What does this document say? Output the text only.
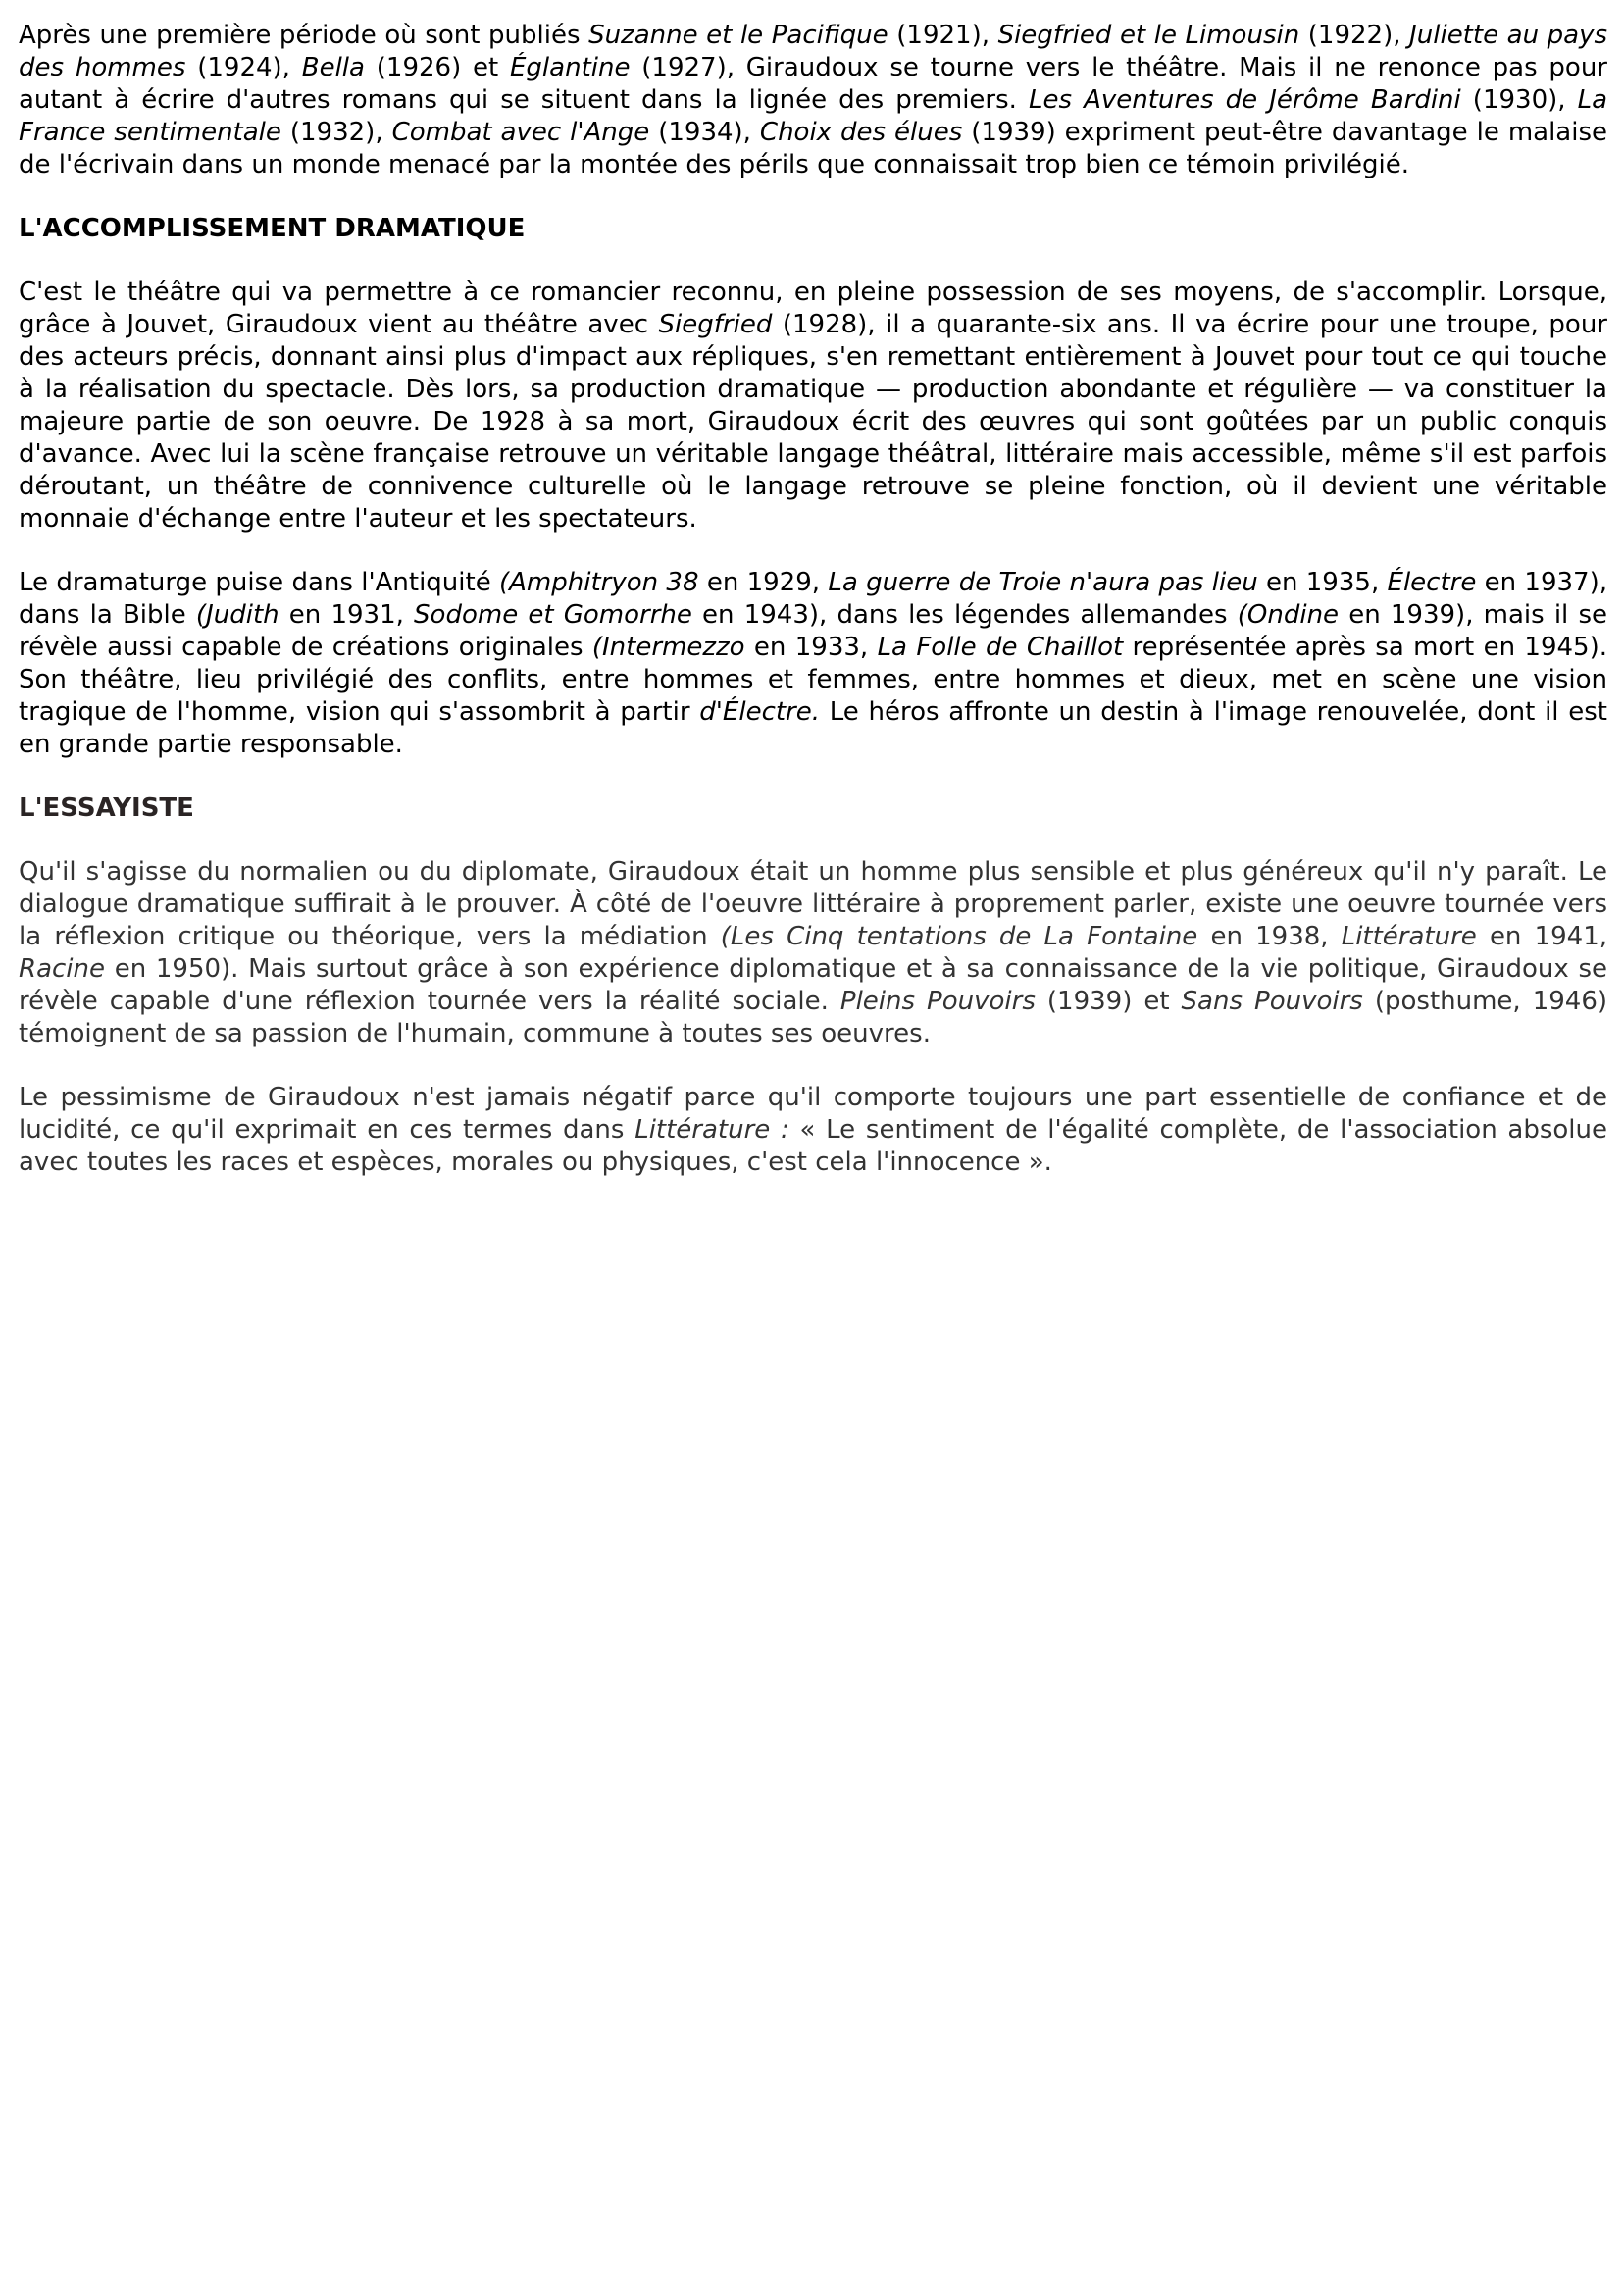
Après une première période où sont publiés Suzanne et le Pacifique (1921), Siegfried et le Limousin (1922), Juliette au pays des hommes (1924), Bella (1926) et Églantine (1927), Giraudoux se tourne vers le théâtre. Mais il ne renonce pas pour autant à écrire d'autres romans qui se situent dans la lignée des premiers. Les Aventures de Jérôme Bardini (1930), La France sentimentale (1932), Combat avec l'Ange (1934), Choix des élues (1939) expriment peut-être davantage le malaise de l'écrivain dans un monde menacé par la montée des périls que connaissait trop bien ce témoin privilégié.

L'ACCOMPLISSEMENT DRAMATIQUE

C'est le théâtre qui va permettre à ce romancier reconnu, en pleine possession de ses moyens, de s'accomplir. Lorsque, grâce à Jouvet, Giraudoux vient au théâtre avec Siegfried (1928), il a quarante-six ans. Il va écrire pour une troupe, pour des acteurs précis, donnant ainsi plus d'impact aux répliques, s'en remettant entièrement à Jouvet pour tout ce qui touche à la réalisation du spectacle. Dès lors, sa production dramatique — production abondante et régulière — va constituer la majeure partie de son oeuvre. De 1928 à sa mort, Giraudoux écrit des œuvres qui sont goûtées par un public conquis d'avance. Avec lui la scène française retrouve un véritable langage théâtral, littéraire mais accessible, même s'il est parfois déroutant, un théâtre de connivence culturelle où le langage retrouve se pleine fonction, où il devient une véritable monnaie d'échange entre l'auteur et les spectateurs.

Le dramaturge puise dans l'Antiquité (Amphitryon 38 en 1929, La guerre de Troie n'aura pas lieu en 1935, Électre en 1937), dans la Bible (Judith en 1931, Sodome et Gomorrhe en 1943), dans les légendes allemandes (Ondine en 1939), mais il se révèle aussi capable de créations originales (Intermezzo en 1933, La Folle de Chaillot représentée après sa mort en 1945). Son théâtre, lieu privilégié des conflits, entre hommes et femmes, entre hommes et dieux, met en scène une vision tragique de l'homme, vision qui s'assombrit à partir d'Électre. Le héros affronte un destin à l'image renouvelée, dont il est en grande partie responsable.

L'ESSAYISTE

Qu'il s'agisse du normalien ou du diplomate, Giraudoux était un homme plus sensible et plus généreux qu'il n'y paraît. Le dialogue dramatique suffirait à le prouver. À côté de l'oeuvre littéraire à proprement parler, existe une oeuvre tournée vers la réflexion critique ou théorique, vers la médiation (Les Cinq tentations de La Fontaine en 1938, Littérature en 1941, Racine en 1950). Mais surtout grâce à son expérience diplomatique et à sa connaissance de la vie politique, Giraudoux se révèle capable d'une réflexion tournée vers la réalité sociale. Pleins Pouvoirs (1939) et Sans Pouvoirs (posthume, 1946) témoignent de sa passion de l'humain, commune à toutes ses oeuvres.

Le pessimisme de Giraudoux n'est jamais négatif parce qu'il comporte toujours une part essentielle de confiance et de lucidité, ce qu'il exprimait en ces termes dans Littérature : « Le sentiment de l'égalité complète, de l'association absolue avec toutes les races et espèces, morales ou physiques, c'est cela l'innocence ».
